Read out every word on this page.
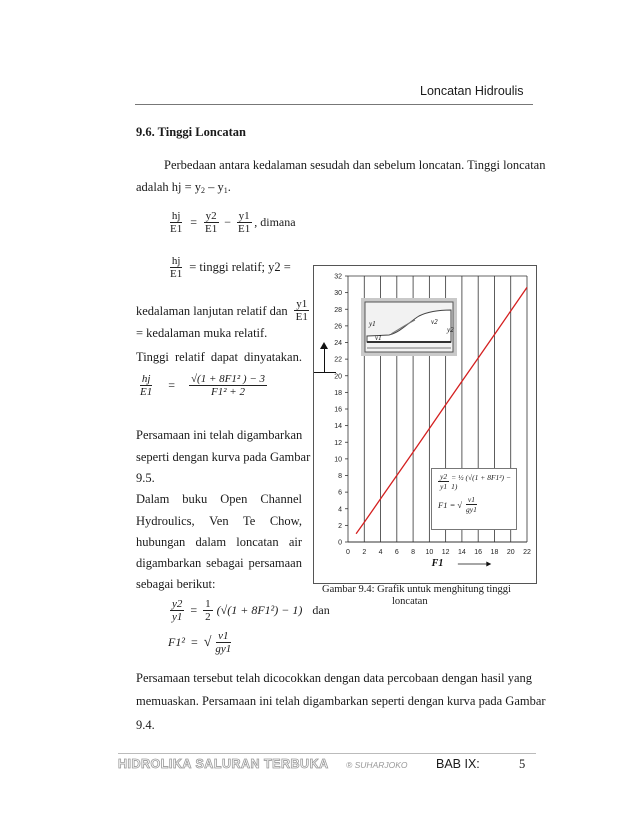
Loncatan Hidroulis
9.6. Tinggi Loncatan
Perbedaan antara kedalaman sesudah dan sebelum loncatan. Tinggi loncatan
adalah hj = $y_2 - y_1$.
$\frac{hj}{E1} = \frac{y2}{E1} - \frac{y1}{E1}$ , dimana
$\frac{hj}{E1}$ = tinggi relatif; y2 =
kedalaman lanjutan relatif dan $\frac{y1}{E1}$
= kedalaman muka relatif.
Tinggi relatif dapat dinyatakan.
$\frac{hj}{E1} = \frac{\text{√(1 + 8F1² ) − 3}}{\text{F1² + 2}}$
Persamaan ini telah digambarkan
seperti dengan kurva pada Gambar
9.5.
Dalam buku Open Channel
Hydroulics, Ven Te Chow,
hubungan dalam loncatan air
digambarkan sebagai persamaan
sebagai berikut:
$\frac{y2}{y1} = \frac{1}{2} (√(1 + 8F1^2) - 1)$ dan
F1² = √ $\frac{v1}{gy1}$
0 2 4 6 8 10 12 14 16 18 20 22
0
2
4
6
8
10
12
14
16
18
20
22
24
26
28
30
32
F1
y1
v1
v2
y2
$\frac{y2}{y1}$ = ½ (√(1 + 8F1²) − 1)
F1 = √ $\frac{v1}{gy1}$
Gambar 9.4: Grafik untuk menghitung tinggi
loncatan
Persamaan tersebut telah dicocokkan dengan data percobaan dengan hasil yang
memuaskan. Persamaan ini telah digambarkan seperti dengan kurva pada Gambar
9.4.
HIDROLIKA SALURAN TERBUKA ® SUHARJOKO BAB IX:	5
